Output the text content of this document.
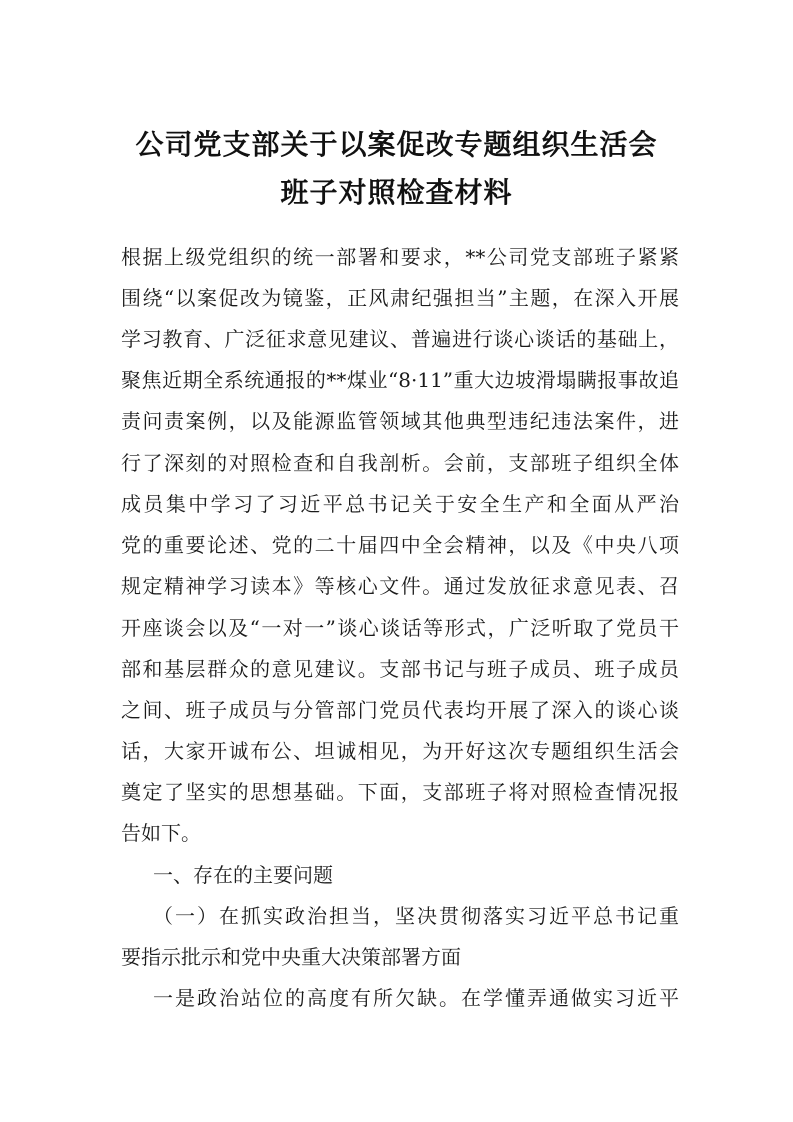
公司党支部关于以案促改专题组织生活会
班子对照检查材料
根据上级党组织的统一部署和要求，**公司党支部班子紧紧
围绕“以案促改为镜鉴，正风肃纪强担当”主题，在深入开展
学习教育、广泛征求意见建议、普遍进行谈心谈话的基础上，
聚焦近期全系统通报的**煤业“8·11”重大边坡滑塌瞒报事故追
责问责案例，以及能源监管领域其他典型违纪违法案件，进
行了深刻的对照检查和自我剖析。会前，支部班子组织全体
成员集中学习了习近平总书记关于安全生产和全面从严治
党的重要论述、党的二十届四中全会精神，以及《中央八项
规定精神学习读本》等核心文件。通过发放征求意见表、召
开座谈会以及“一对一”谈心谈话等形式，广泛听取了党员干
部和基层群众的意见建议。支部书记与班子成员、班子成员
之间、班子成员与分管部门党员代表均开展了深入的谈心谈
话，大家开诚布公、坦诚相见，为开好这次专题组织生活会
奠定了坚实的思想基础。下面，支部班子将对照检查情况报
告如下。
一、存在的主要问题
（一）在抓实政治担当，坚决贯彻落实习近平总书记重
要指示批示和党中央重大决策部署方面
一是政治站位的高度有所欠缺。在学懂弄通做实习近平
